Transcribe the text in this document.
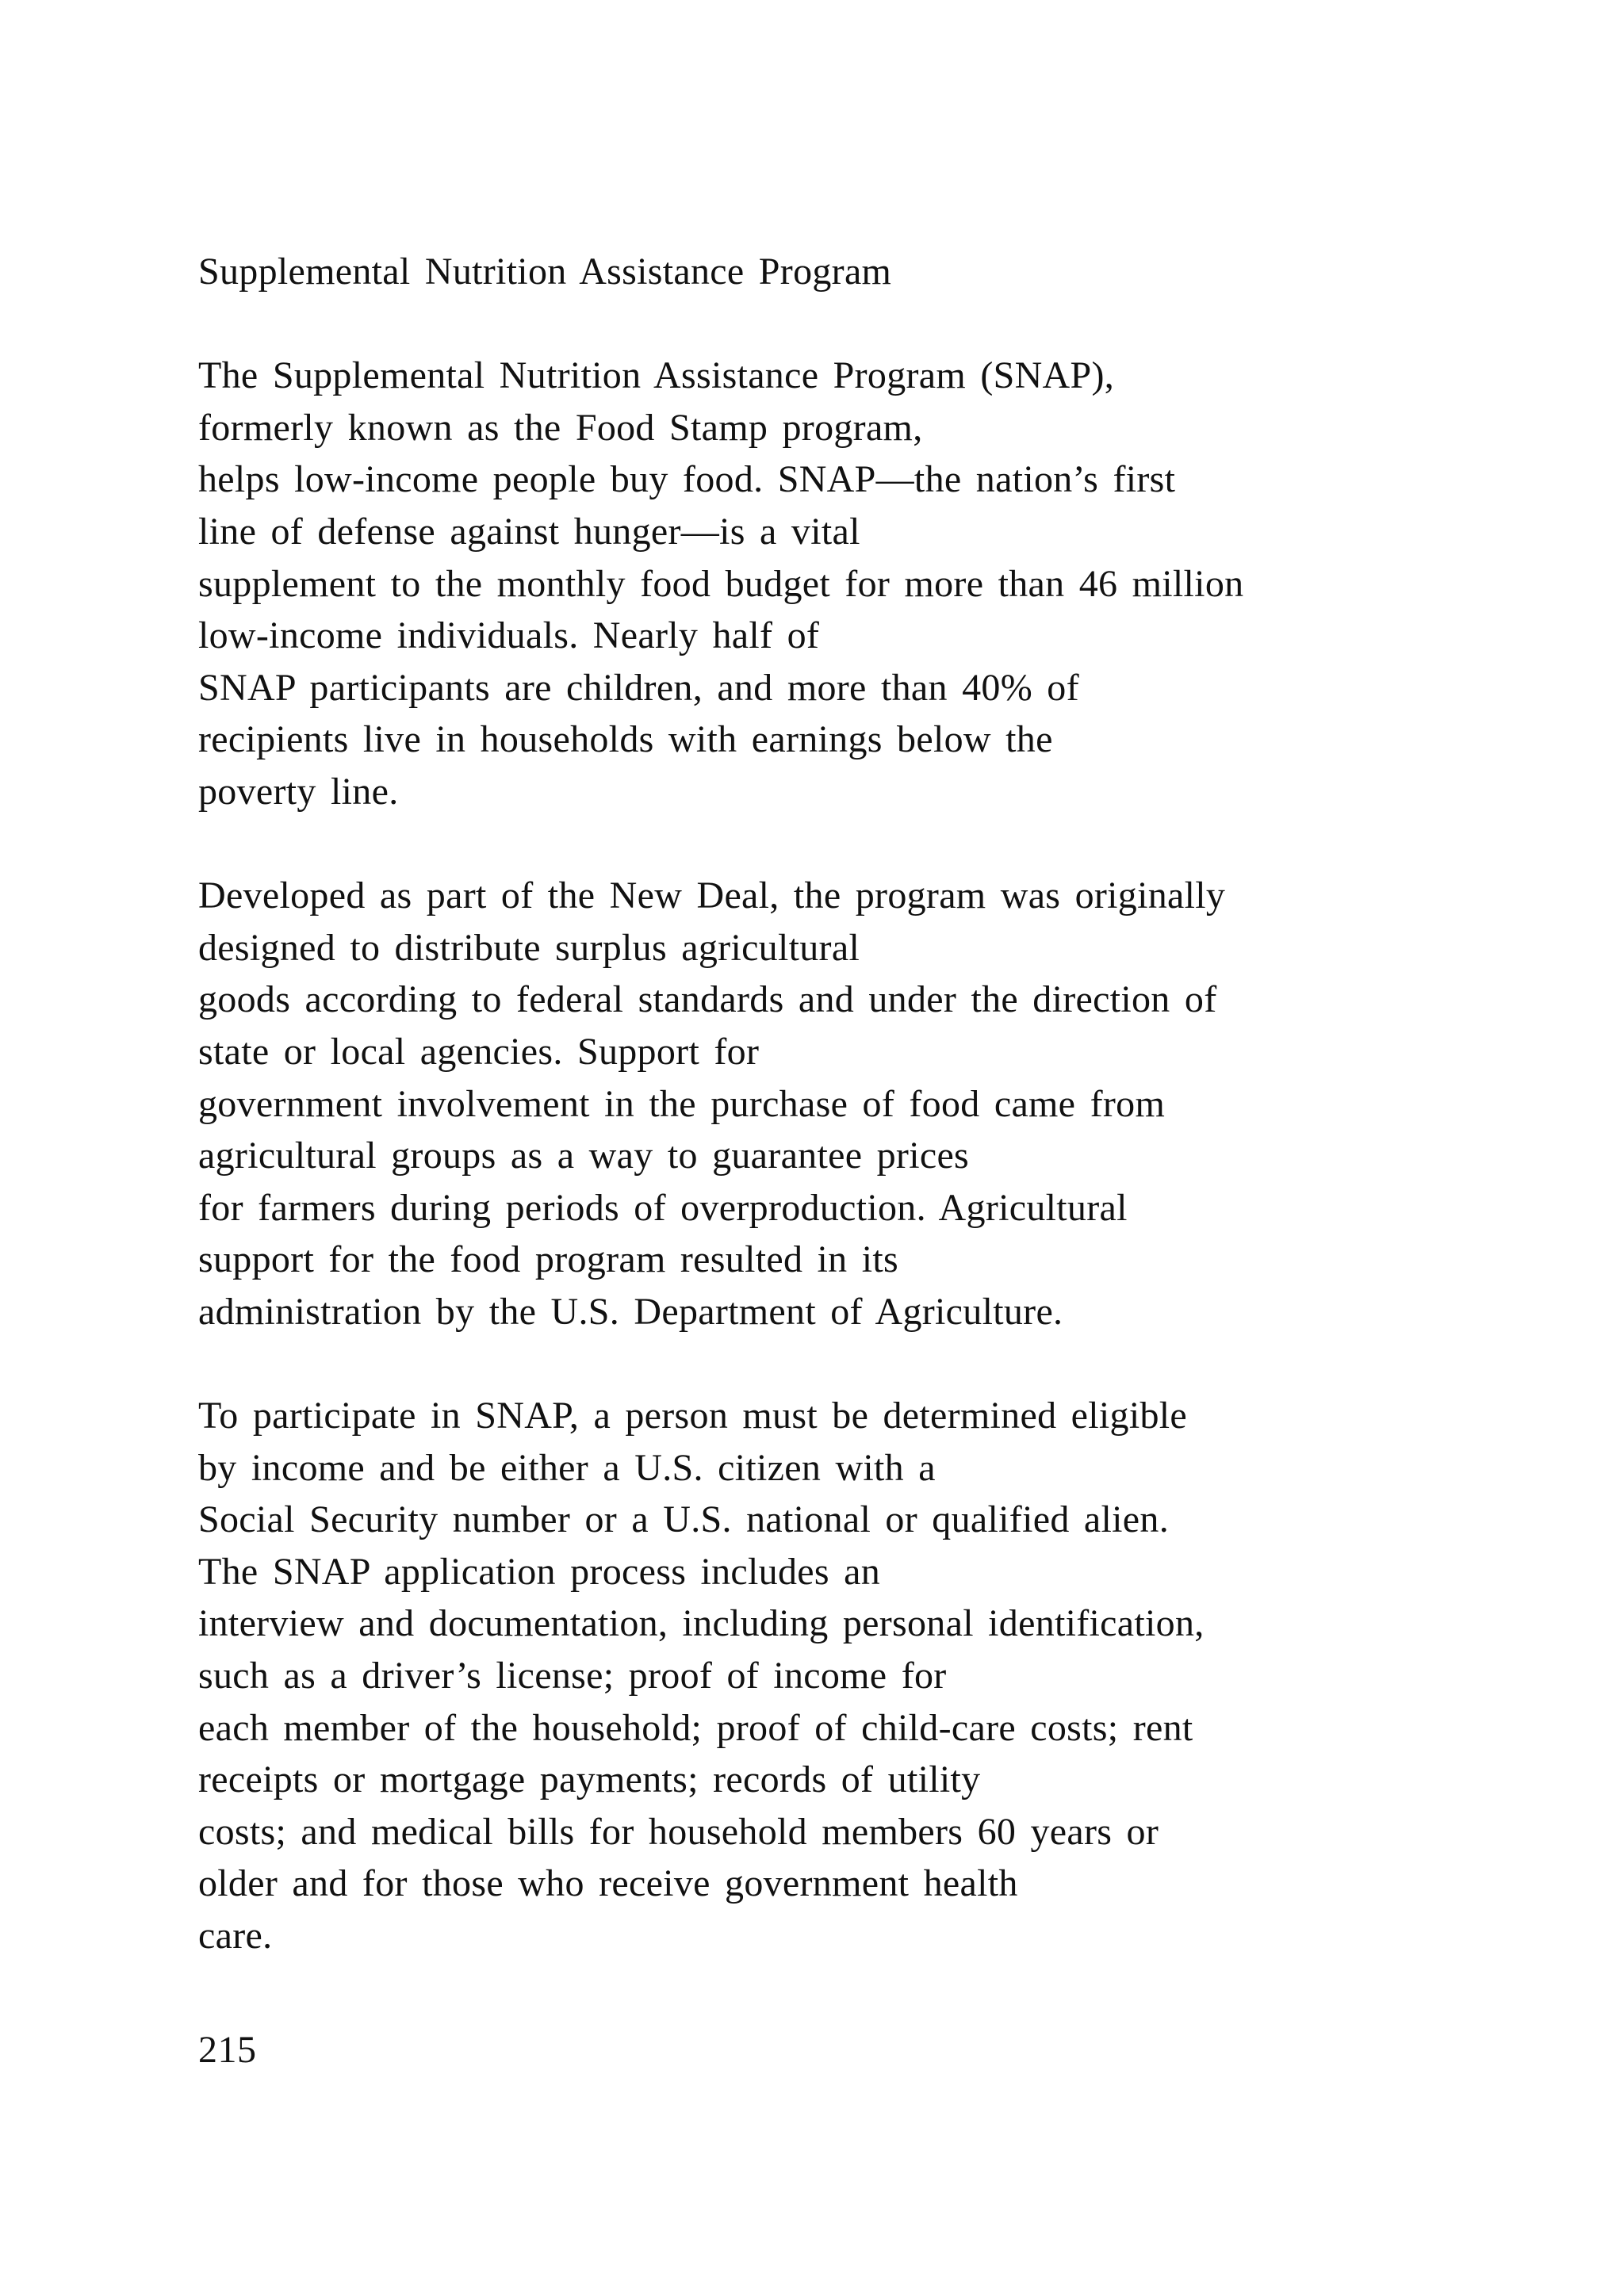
Supplemental Nutrition Assistance Program
The Supplemental Nutrition Assistance Program (SNAP),
formerly known as the Food Stamp program,
helps low-income people buy food. SNAP—the nation’s first
line of defense against hunger—is a vital
supplement to the monthly food budget for more than 46 million
low-income individuals. Nearly half of
SNAP participants are children, and more than 40% of
recipients live in households with earnings below the
poverty line.
Developed as part of the New Deal, the program was originally
designed to distribute surplus agricultural
goods according to federal standards and under the direction of
state or local agencies. Support for
government involvement in the purchase of food came from
agricultural groups as a way to guarantee prices
for farmers during periods of overproduction. Agricultural
support for the food program resulted in its
administration by the U.S. Department of Agriculture.
To participate in SNAP, a person must be determined eligible
by income and be either a U.S. citizen with a
Social Security number or a U.S. national or qualified alien.
The SNAP application process includes an
interview and documentation, including personal identification,
such as a driver’s license; proof of income for
each member of the household; proof of child-care costs; rent
receipts or mortgage payments; records of utility
costs; and medical bills for household members 60 years or
older and for those who receive government health
care.
215
